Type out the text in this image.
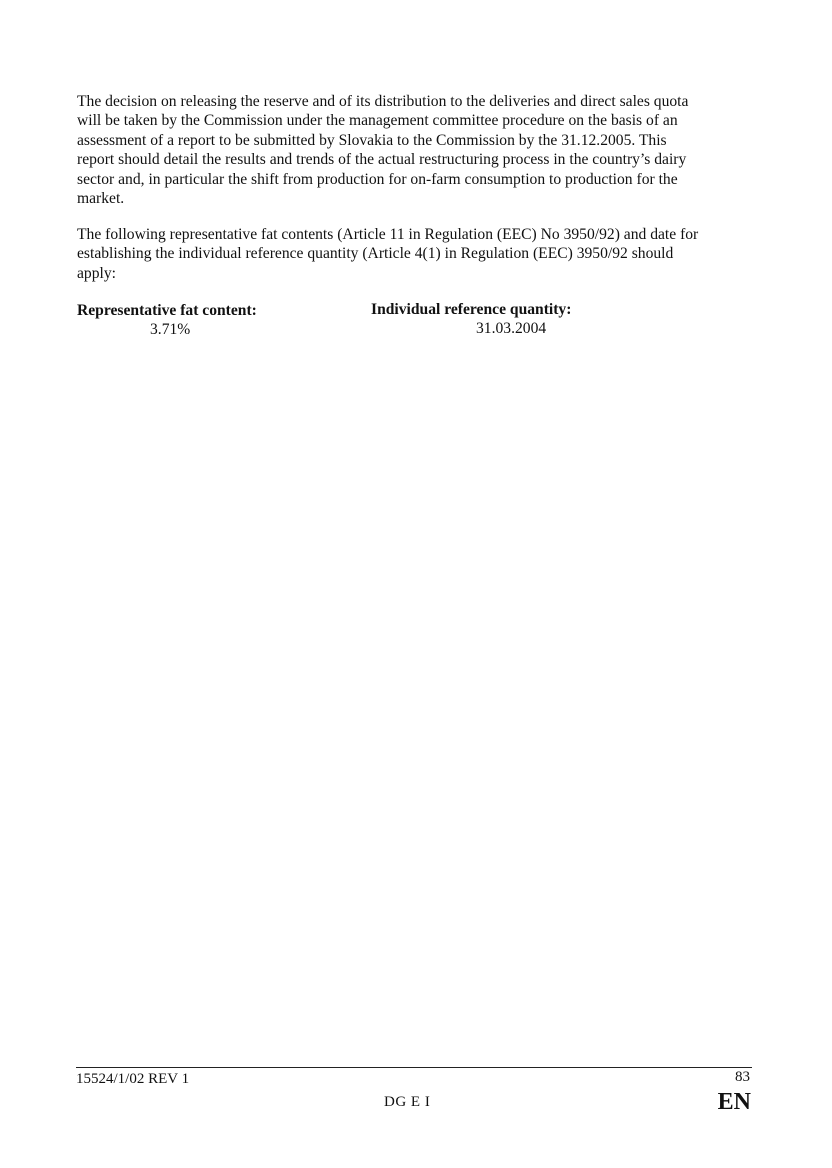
The decision on releasing the reserve and of its distribution to the deliveries and direct sales quota
will be taken by the Commission under the management committee procedure on the basis of an
assessment of a report to be submitted by Slovakia to the Commission by the 31.12.2005. This
report should detail the results and trends of the actual restructuring process in the country’s dairy
sector and, in particular the shift from production for on-farm consumption to production for the
market.

The following representative fat contents (Article 11 in Regulation (EEC) No 3950/92) and date for
establishing the individual reference quantity (Article 4(1) in Regulation (EEC) 3950/92 should
apply:

Representative fat content:
3.71%
Individual reference quantity:
31.03.2004
15524/1/02 REV 1	83
DG E I	EN
